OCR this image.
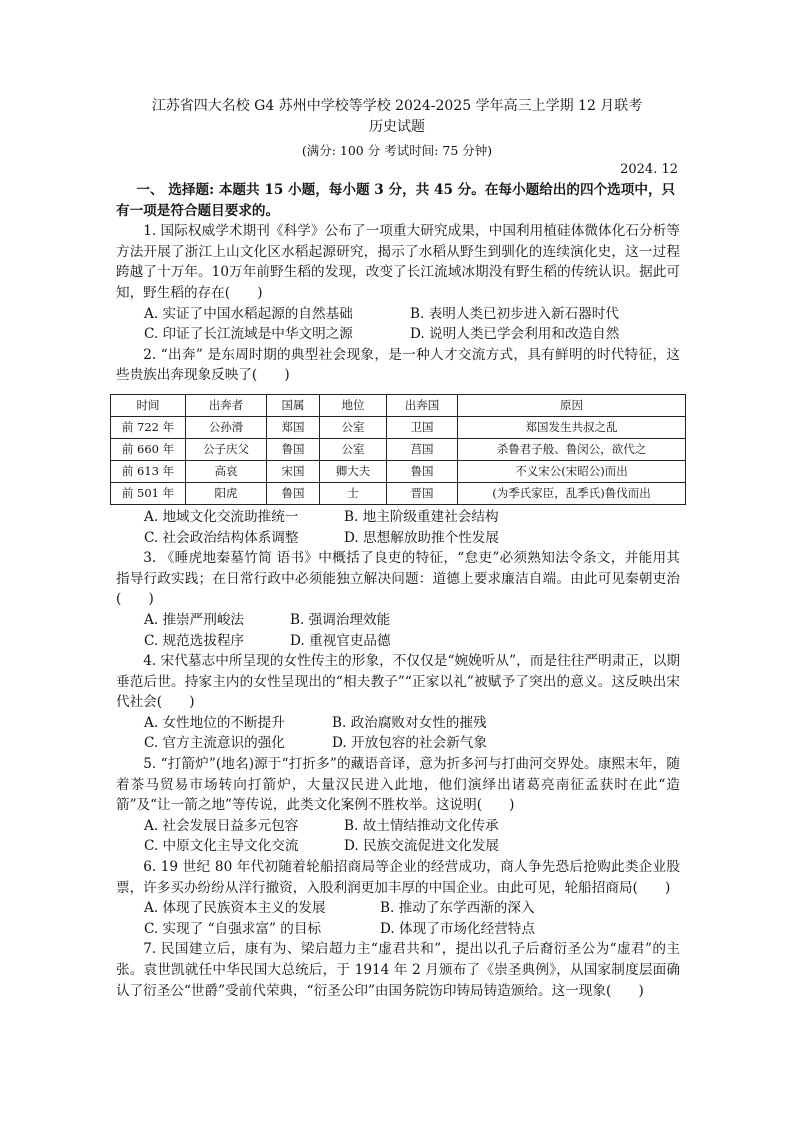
江苏省四大名校 G4 苏州中学校等学校 2024-2025 学年高三上学期 12 月联考
历史试题
(满分: 100 分 考试时间: 75 分钟)
2024. 12

一、 选择题: 本题共 15 小题，每小题 3 分，共 45 分。在每小题给出的四个选项中，只有一项是符合题目要求的。

1. 国际权威学术期刊《科学》公布了一项重大研究成果，中国利用植硅体微体化石分析等方法开展了浙江上山文化区水稻起源研究，揭示了水稻从野生到驯化的连续演化史，这一过程跨越了十万年。10万年前野生稻的发现，改变了长江流域冰期没有野生稻的传统认识。据此可知，野生稻的存在(　　)

A. 实证了中国水稻起源的自然基础	B. 表明人类已初步进入新石器时代
C. 印证了长江流域是中华文明之源	D. 说明人类已学会利用和改造自然

2. “出奔” 是东周时期的典型社会现象，是一种人才交流方式，具有鲜明的时代特征，这些贵族出奔现象反映了(　　)

时间	出奔者	国属	地位	出奔国	原因
前 722 年	公孙滑	郑国	公室	卫国	郑国发生共叔之乱
前 660 年	公子庆父	鲁国	公室	莒国	杀鲁君子般、鲁闵公，欲代之
前 613 年	高哀	宋国	卿大夫	鲁国	不义宋公(宋昭公)而出
前 501 年	阳虎	鲁国	士	晋国	(为季氏家臣，乱季氏)鲁伐而出
A. 地域文化交流助推统一	B. 地主阶级重建社会结构
C. 社会政治结构体系调整	D. 思想解放助推个性发展

3. 《睡虎地秦墓竹简 语书》中概括了良吏的特征，“怠吏”必须熟知法令条文，并能用其指导行政实践；在日常行政中必须能独立解决问题：道德上要求廉洁自端。由此可见秦朝吏治(　　)

A. 推崇严刑峻法	B. 强调治理效能
C. 规范选拔程序	D. 重视官吏品德

4. 宋代墓志中所呈现的女性传主的形象，不仅仅是“婉娩听从”，而是往往严明肃正，以期垂范后世。持家主内的女性呈现出的“相夫教子”“正家以礼”被赋予了突出的意义。这反映出宋代社会(　　)

A. 女性地位的不断提升	B. 政治腐败对女性的摧残
C. 官方主流意识的强化	D. 开放包容的社会新气象

5. “打箭炉”(地名)源于“打折多”的藏语音译，意为折多河与打曲河交界处。康熙末年，随着茶马贸易市场转向打箭炉，大量汉民进入此地，他们演绎出诸葛亮南征孟获时在此“造箭”及“让一箭之地”等传说，此类文化案例不胜枚举。这说明(　　)

A. 社会发展日益多元包容	B. 故土情结推动文化传承
C. 中原文化主导文化交流	D. 民族交流促进文化发展

6. 19 世纪 80 年代初随着轮船招商局等企业的经营成功，商人争先恐后抢购此类企业股票，许多买办纷纷从洋行撤资，入股利润更加丰厚的中国企业。由此可见，轮船招商局(　　)

A. 体现了民族资本主义的发展	B. 推动了东学西渐的深入
C. 实现了 “自强求富” 的目标	D. 体现了市场化经营特点

7. 民国建立后，康有为、梁启超力主“虚君共和”，提出以孔子后裔衍圣公为“虚君”的主张。袁世凯就任中华民国大总统后，于 1914 年 2 月颁布了《崇圣典例》，从国家制度层面确认了衍圣公“世爵”受前代荣典，“衍圣公印”由国务院饬印铸局铸造颁给。这一现象(　　)
